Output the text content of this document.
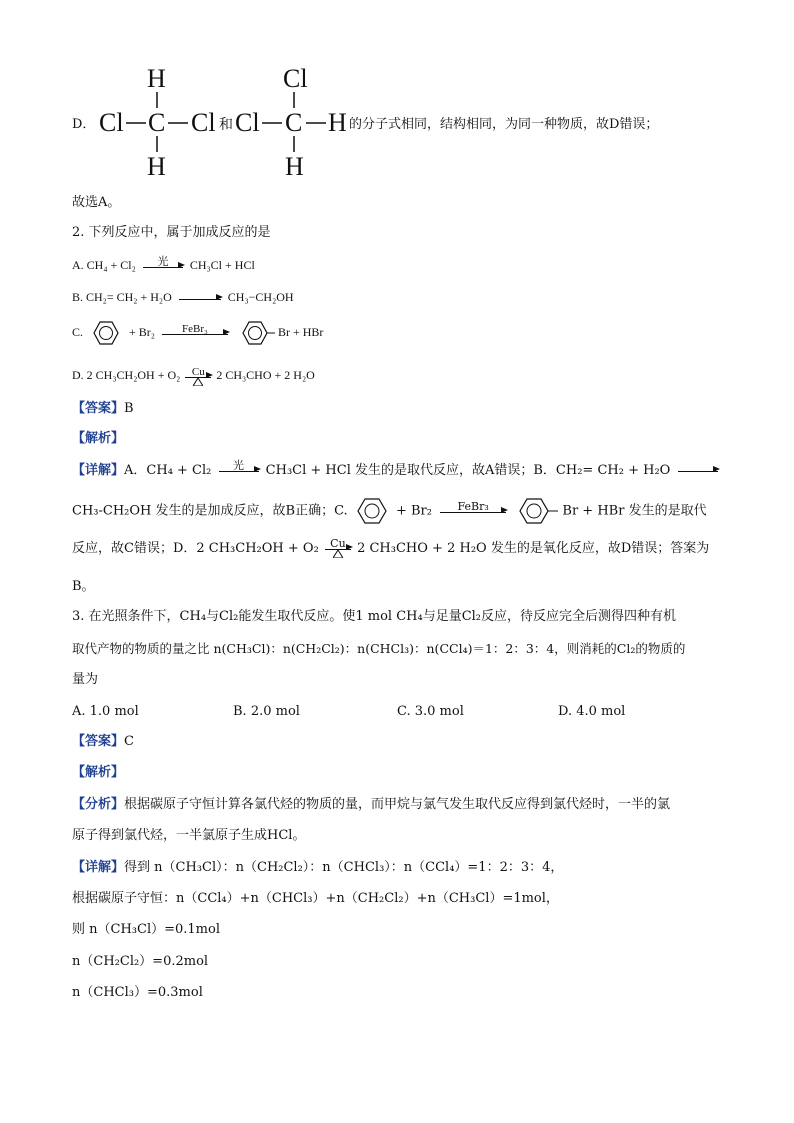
D．
H
Cl C Cl
H
和
Cl
Cl C H
H
的分子式相同，结构相同，为同一种物质，故D错误；
故选A。
2. 下列反应中，属于加成反应的是
A. CH₄ + Cl₂	光	CH₃Cl + HCl
B. CH₂= CH₂ + H₂O	CH₃−CH₂OH
C.	+ Br₂	FeBr₃	Br + HBr
D. 2 CH₃CH₂OH + O₂	Cu 2 CH₃CHO + 2 H₂O
【答案】B
【解析】
【详解】A．CH₄ + Cl₂	光	CH₃Cl + HCl 发生的是取代反应，故A错误；B．CH₂= CH₂ + H₂O
CH₃-CH₂OH 发生的是加成反应，故B正确；C.	+ Br₂	FeBr₃	Br + HBr 发生的是取代
反应，故C错误；D．2 CH₃CH₂OH + O₂	Cu 2 CH₃CHO + 2 H₂O 发生的是氧化反应，故D错误；答案为
B。
3. 在光照条件下，CH₄与Cl₂能发生取代反应。使1 mol CH₄与足量Cl₂反应，待反应完全后测得四种有机
取代产物的物质的量之比 n(CH₃Cl)：n(CH₂Cl₂)：n(CHCl₃)：n(CCl₄)＝1：2：3：4，则消耗的Cl₂的物质的
量为
A. 1.0 mol	B. 2.0 mol	C. 3.0 mol	D. 4.0 mol
【答案】C
【解析】
【分析】根据碳原子守恒计算各氯代烃的物质的量，而甲烷与氯气发生取代反应得到氯代烃时，一半的氯
原子得到氯代烃，一半氯原子生成HCl。
【详解】得到 n（CH₃Cl）：n（CH₂Cl₂）：n（CHCl₃）：n（CCl₄）=1：2：3：4，
根据碳原子守恒：n（CCl₄）+n（CHCl₃）+n（CH₂Cl₂）+n（CH₃Cl）=1mol，
则 n（CH₃Cl）=0.1mol
n（CH₂Cl₂）=0.2mol
n（CHCl₃）=0.3mol
